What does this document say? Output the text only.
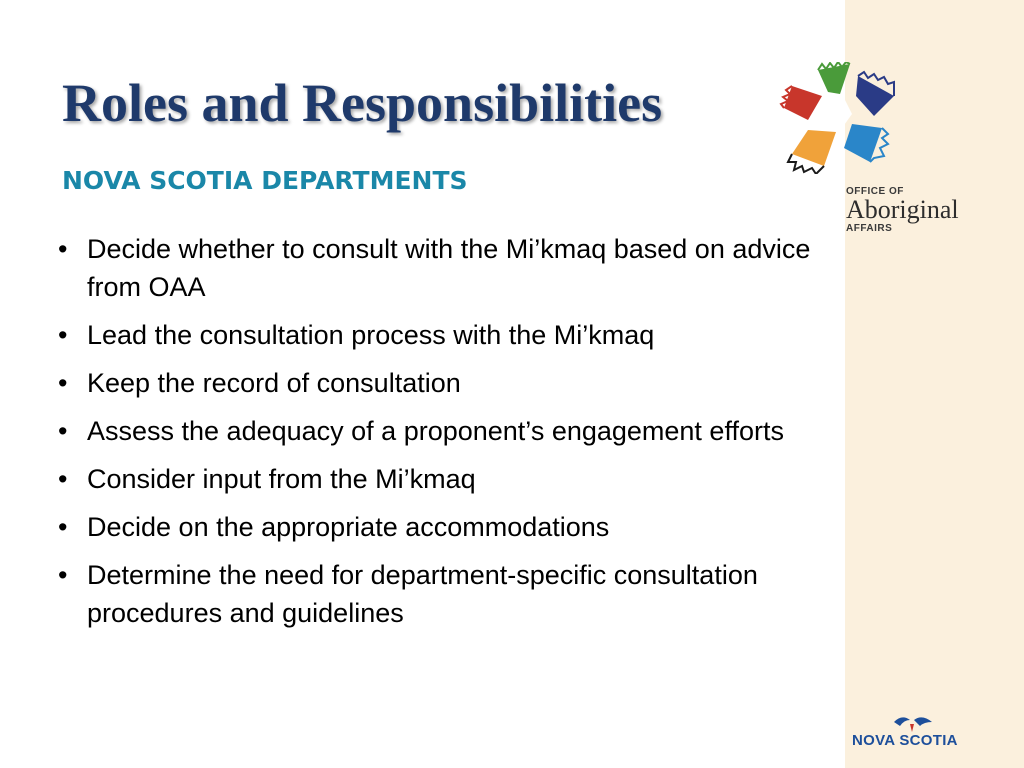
Roles and Responsibilities
NOVA SCOTIA DEPARTMENTS
• Decide whether to consult with the Mi’kmaq based on advice from OAA
• Lead the consultation process with the Mi’kmaq
• Keep the record of consultation
• Assess the adequacy of a proponent’s engagement efforts
• Consider input from the Mi’kmaq
• Decide on the appropriate accommodations
• Determine the need for department-specific consultation procedures and guidelines
OFFICE OF
Aboriginal
AFFAIRS
NOVA SCOTIA
